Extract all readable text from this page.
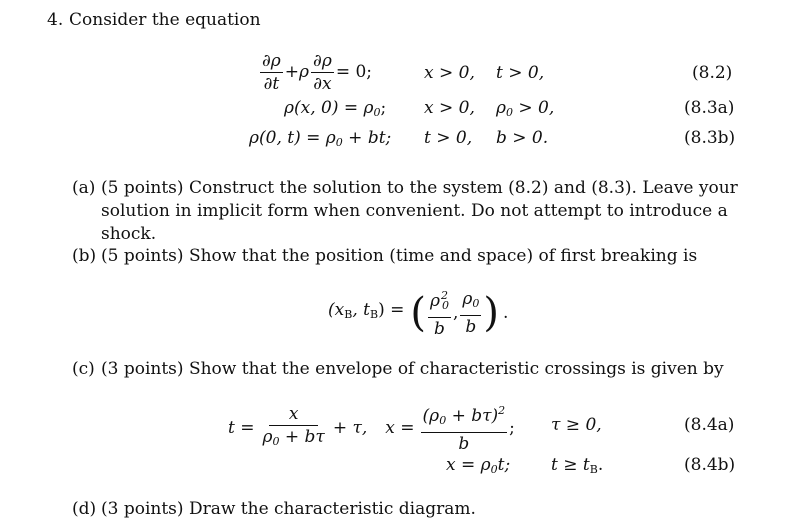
4. Consider the equation
$\frac{\partial\rho}{\partial t} +\rho \frac{\partial\rho}{\partial x} = 0$;	x > 0, t > 0,	(8.2)
ρ(x, $0) = \rho_0$; x > 0, $\rho_0 > 0$,	(8.3a)
ρ(0, $t) = \rho_0$ + bt; t > 0, b > 0.	(8.3b)
(a) (5 points) Construct the solution to the system (8.2) and (8.3). Leave your
solution in implicit form when convenient. Do not attempt to introduce a
shock.
(b) (5 points) Show that the position (time and space) of first breaking is
($x_B$, $t_B$) = ( $\frac{\rho^2_0}{b}$ , $\frac{\rho_0}{b}$ ) .
(c) (3 points) Show that the envelope of characteristic crossings is given by
$t = \frac{x}{\rho_0 + b\tau} + \tau$, $x = \frac{(\rho_0 + b\tau)^2}{b}$ ; τ ≥ 0,	(8.4a)
$x = \rho_0t$; $t \ge t_B$.	(8.4b)
(d) (3 points) Draw the characteristic diagram.
